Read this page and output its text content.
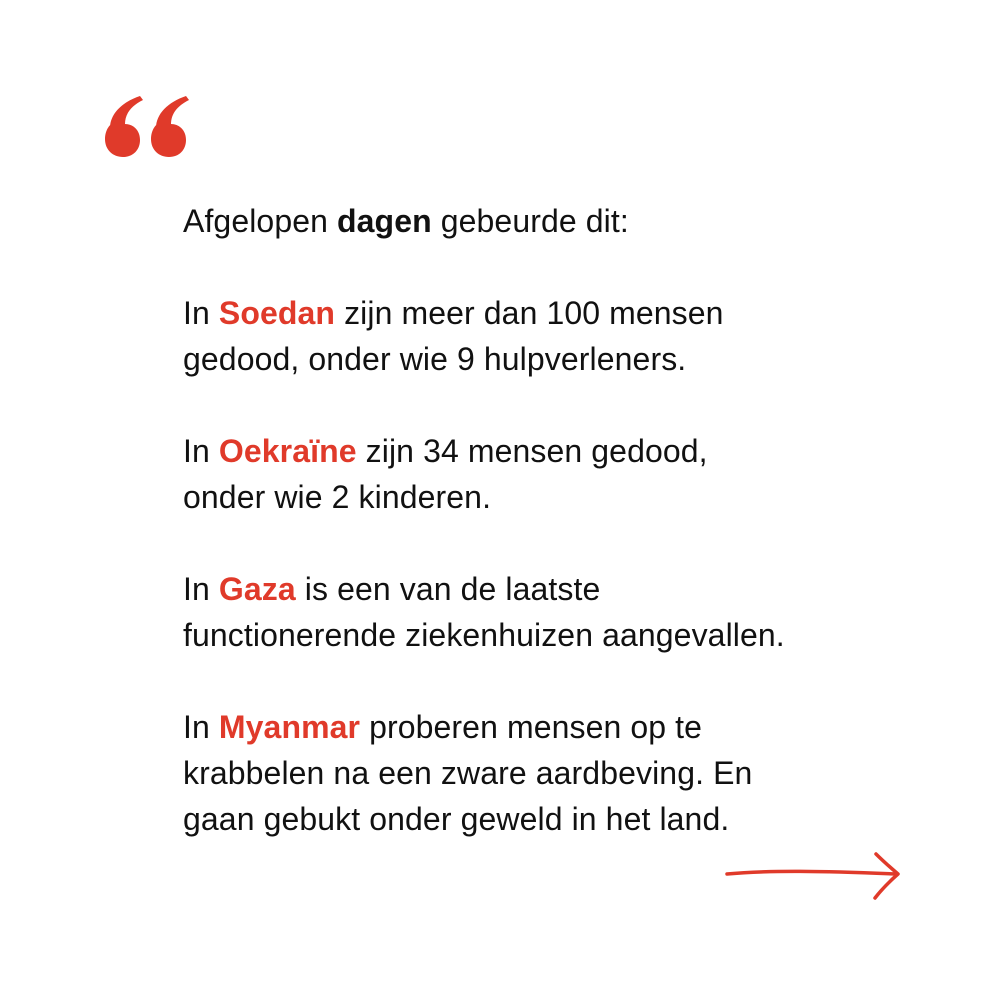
Afgelopen dagen gebeurde dit:

In Soedan zijn meer dan 100 mensen
gedood, onder wie 9 hulpverleners.

In Oekraïne zijn 34 mensen gedood,
onder wie 2 kinderen.

In Gaza is een van de laatste
functionerende ziekenhuizen aangevallen.

In Myanmar proberen mensen op te
krabbelen na een zware aardbeving. En
gaan gebukt onder geweld in het land.
